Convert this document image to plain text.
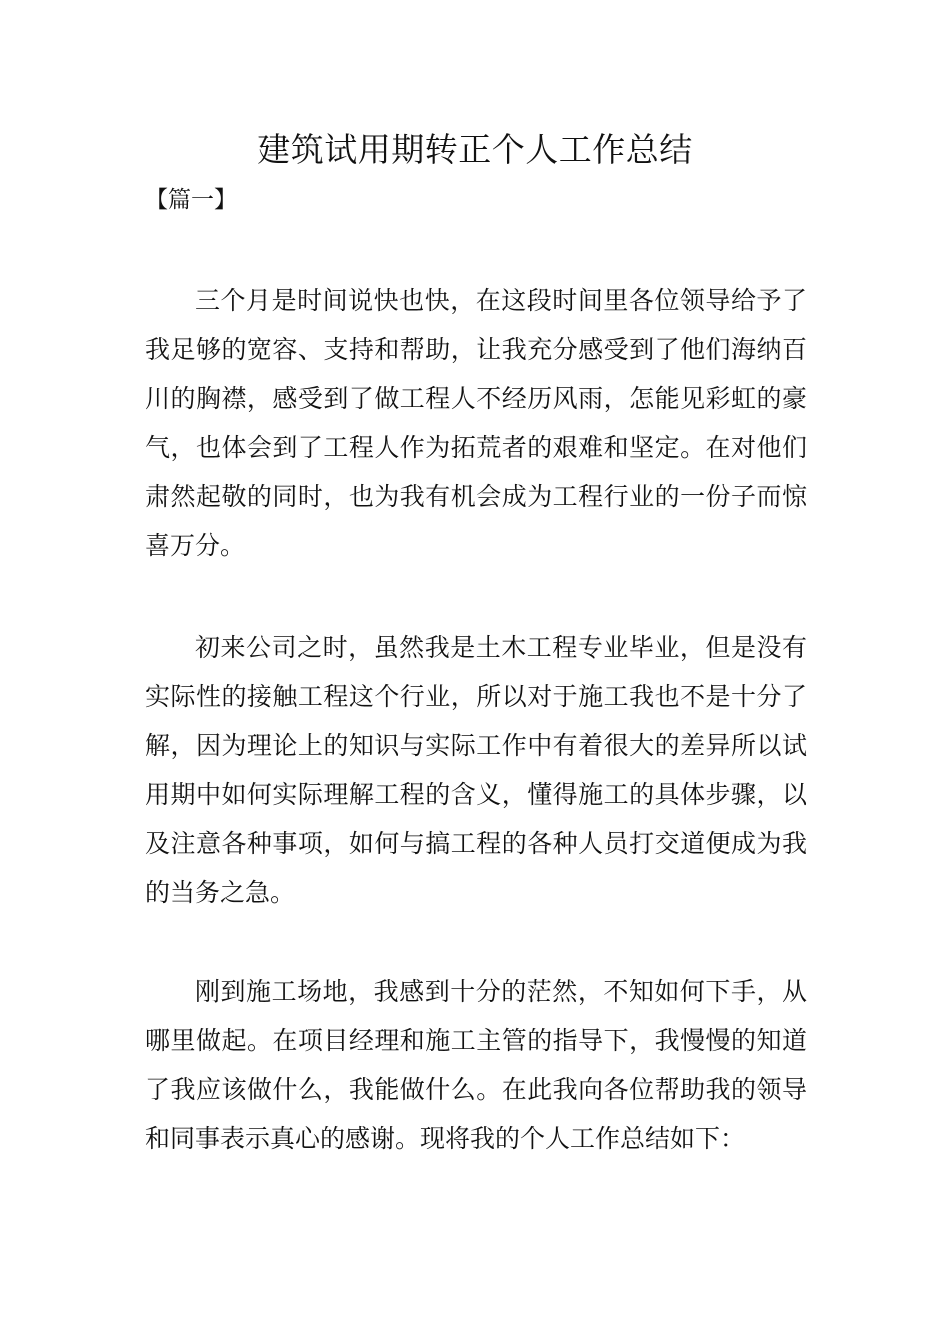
建筑试用期转正个人工作总结
【篇一】

三个月是时间说快也快，在这段时间里各位领导给予了我足够的宽容、支持和帮助，让我充分感受到了他们海纳百川的胸襟，感受到了做工程人不经历风雨，怎能见彩虹的豪气，也体会到了工程人作为拓荒者的艰难和坚定。在对他们肃然起敬的同时，也为我有机会成为工程行业的一份子而惊喜万分。

初来公司之时，虽然我是土木工程专业毕业，但是没有实际性的接触工程这个行业，所以对于施工我也不是十分了解，因为理论上的知识与实际工作中有着很大的差异所以试用期中如何实际理解工程的含义，懂得施工的具体步骤，以及注意各种事项，如何与搞工程的各种人员打交道便成为我的当务之急。

刚到施工场地，我感到十分的茫然，不知如何下手，从哪里做起。在项目经理和施工主管的指导下，我慢慢的知道了我应该做什么，我能做什么。在此我向各位帮助我的领导和同事表示真心的感谢。现将我的个人工作总结如下：
